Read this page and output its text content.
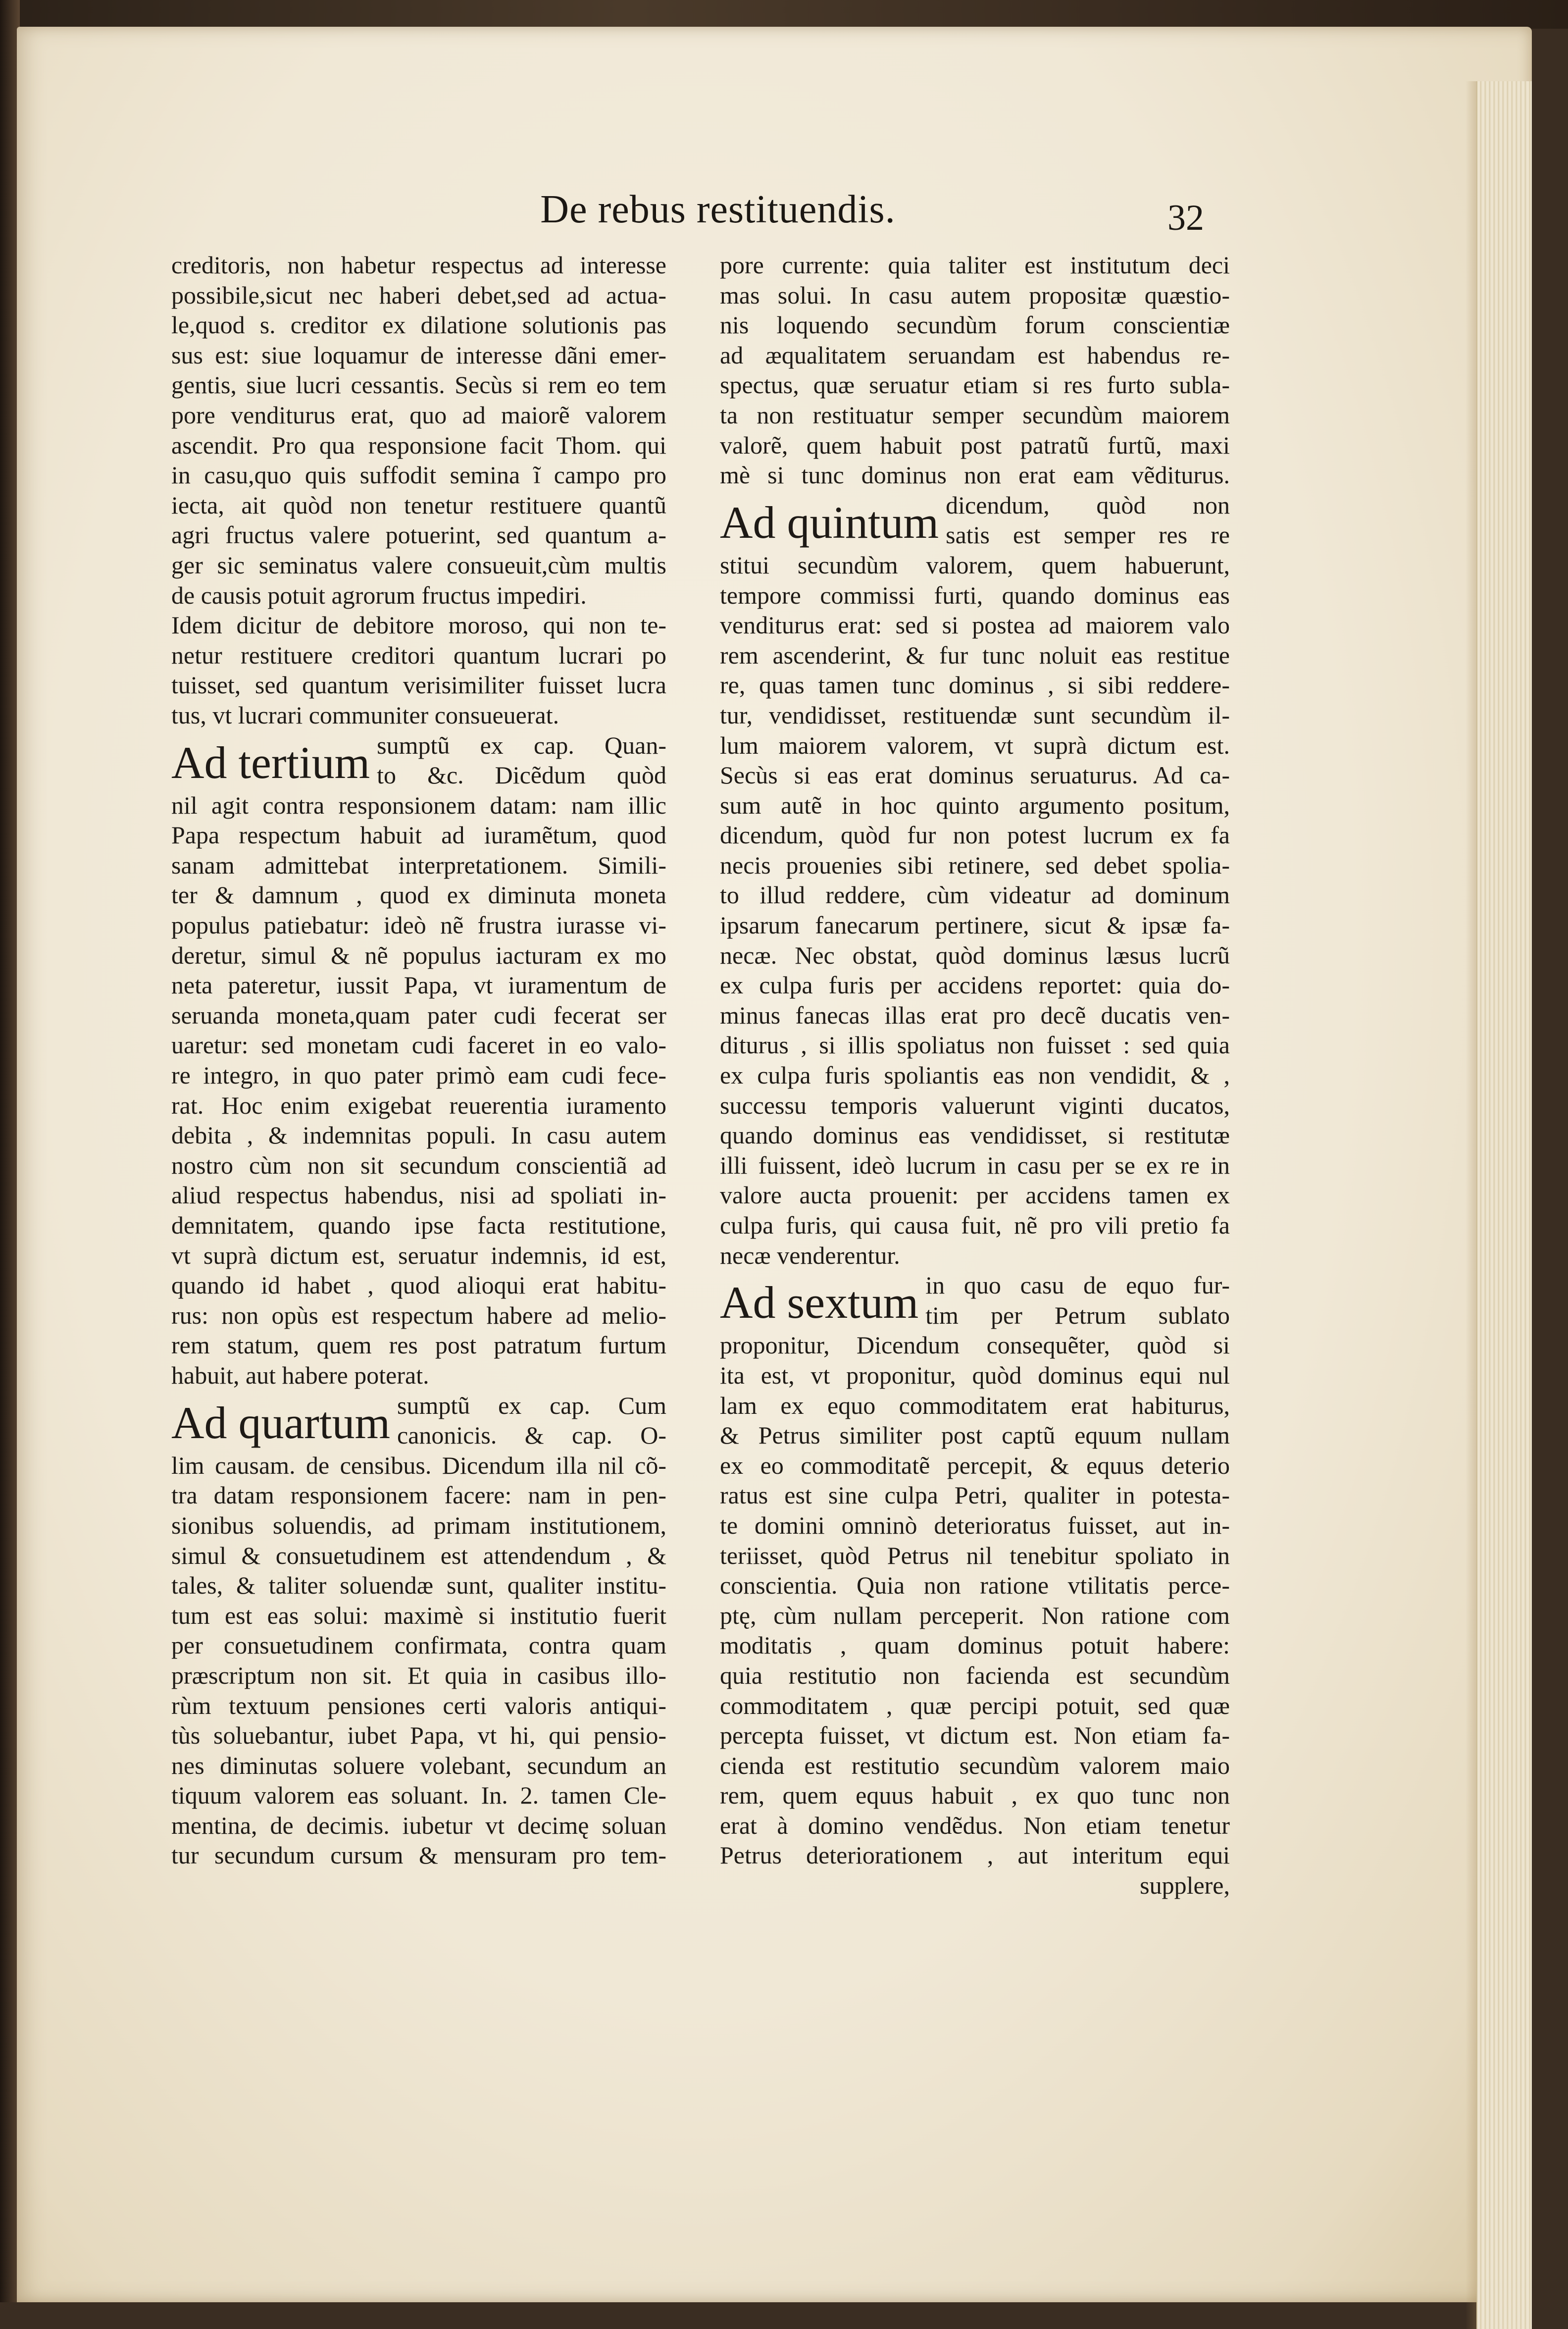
De rebus restituendis.	32
creditoris, non habetur respectus ad interesse
possibile,sicut nec haberi debet,sed ad actua-
le,quod s. creditor ex dilatione solutionis pas
sus est: siue loquamur de interesse dãni emer-
gentis, siue lucri cessantis. Secùs si rem eo tem
pore venditurus erat, quo ad maiorẽ valorem
ascendit. Pro qua responsione facit Thom. qui
in casu,quo quis suffodit semina ĩ campo pro
iecta, ait quòd non tenetur restituere quantũ
agri fructus valere potuerint, sed quantum a-
ger sic seminatus valere consueuit,cùm multis
de causis potuit agrorum fructus impediri.
Idem dicitur de debitore moroso, qui non te-
netur restituere creditori quantum lucrari po
tuisset, sed quantum verisimiliter fuisset lucra
tus, vt lucrari communiter consueuerat.
Ad tertium sumptũ ex cap. Quan-
to &c. Dicẽdum quòd
nil agit contra responsionem datam: nam illic
Papa respectum habuit ad iuramẽtum, quod
sanam admittebat interpretationem. Simili-
ter & damnum , quod ex diminuta moneta
populus patiebatur: ideò nẽ frustra iurasse vi-
deretur, simul & nẽ populus iacturam ex mo
neta pateretur, iussit Papa, vt iuramentum de
seruanda moneta,quam pater cudi fecerat ser
uaretur: sed monetam cudi faceret in eo valo-
re integro, in quo pater primò eam cudi fece-
rat. Hoc enim exigebat reuerentia iuramento
debita , & indemnitas populi. In casu autem
nostro cùm non sit secundum conscientiã ad
aliud respectus habendus, nisi ad spoliati in-
demnitatem, quando ipse facta restitutione,
vt suprà dictum est, seruatur indemnis, id est,
quando id habet , quod alioqui erat habitu-
rus: non opùs est respectum habere ad melio-
rem statum, quem res post patratum furtum
habuit, aut habere poterat.
Ad quartum sumptũ ex cap. Cum
canonicis. & cap. O-
lim causam. de censibus. Dicendum illa nil cõ-
tra datam responsionem facere: nam in pen-
sionibus soluendis, ad primam institutionem,
simul & consuetudinem est attendendum , &
tales, & taliter soluendæ sunt, qualiter institu-
tum est eas solui: maximè si institutio fuerit
per consuetudinem confirmata, contra quam
præscriptum non sit. Et quia in casibus illo-
rùm textuum pensiones certi valoris antiqui-
tùs soluebantur, iubet Papa, vt hi, qui pensio-
nes diminutas soluere volebant, secundum an
tiquum valorem eas soluant. In. 2. tamen Cle-
mentina, de decimis. iubetur vt decimę soluan
tur secundum cursum & mensuram pro tem-
pore currente: quia taliter est institutum deci
mas solui. In casu autem propositæ quæstio-
nis loquendo secundùm forum conscientiæ
ad æqualitatem seruandam est habendus re-
spectus, quæ seruatur etiam si res furto subla-
ta non restituatur semper secundùm maiorem
valorẽ, quem habuit post patratũ furtũ, maxi
mè si tunc dominus non erat eam vẽditurus.
Ad quintum dicendum, quòd non
satis est semper res re
stitui secundùm valorem, quem habuerunt,
tempore commissi furti, quando dominus eas
venditurus erat: sed si postea ad maiorem valo
rem ascenderint, & fur tunc noluit eas restitue
re, quas tamen tunc dominus , si sibi reddere-
tur, vendidisset, restituendæ sunt secundùm il-
lum maiorem valorem, vt suprà dictum est.
Secùs si eas erat dominus seruaturus. Ad ca-
sum autẽ in hoc quinto argumento positum,
dicendum, quòd fur non potest lucrum ex fa
necis prouenies sibi retinere, sed debet spolia-
to illud reddere, cùm videatur ad dominum
ipsarum fanecarum pertinere, sicut & ipsæ fa-
necæ. Nec obstat, quòd dominus læsus lucrũ
ex culpa furis per accidens reportet: quia do-
minus fanecas illas erat pro decẽ ducatis ven-
diturus , si illis spoliatus non fuisset : sed quia
ex culpa furis spoliantis eas non vendidit, & ,
successu temporis valuerunt viginti ducatos,
quando dominus eas vendidisset, si restitutæ
illi fuissent, ideò lucrum in casu per se ex re in
valore aucta prouenit: per accidens tamen ex
culpa furis, qui causa fuit, nẽ pro vili pretio fa
necæ venderentur.
Ad sextum in quo casu de equo fur-
tim per Petrum sublato
proponitur, Dicendum consequẽter, quòd si
ita est, vt proponitur, quòd dominus equi nul
lam ex equo commoditatem erat habiturus,
& Petrus similiter post captũ equum nullam
ex eo commoditatẽ percepit, & equus deterio
ratus est sine culpa Petri, qualiter in potesta-
te domini omninò deterioratus fuisset, aut in-
teriisset, quòd Petrus nil tenebitur spoliato in
conscientia. Quia non ratione vtilitatis perce-
ptę, cùm nullam perceperit. Non ratione com
moditatis , quam dominus potuit habere:
quia restitutio non facienda est secundùm
commoditatem , quæ percipi potuit, sed quæ
percepta fuisset, vt dictum est. Non etiam fa-
cienda est restitutio secundùm valorem maio
rem, quem equus habuit , ex quo tunc non
erat à domino vendẽdus. Non etiam tenetur
Petrus deteriorationem , aut interitum equi
supplere,
